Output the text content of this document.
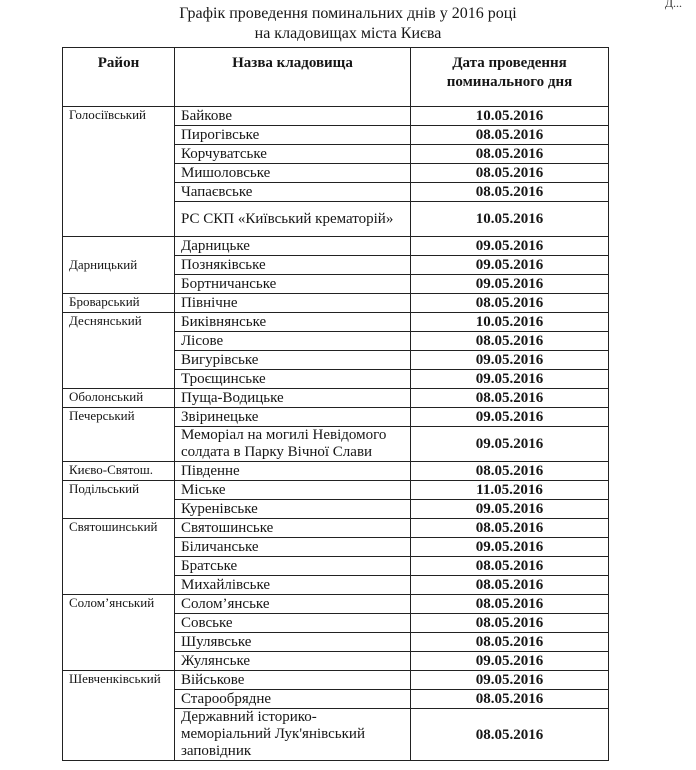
Д...
Графік проведення поминальних днів у 2016 році
на кладовищах міста Києва
Район	Назва кладовища	Дата проведення поминального дня
Голосіївський	Байкове	10.05.2016
	Пирогівське	08.05.2016
	Корчуватське	08.05.2016
	Мишоловське	08.05.2016
	Чапаєвське	08.05.2016
	РС СКП «Київський крематорій»	10.05.2016
Дарницький	Дарницьке	09.05.2016
	Позняківське	09.05.2016
	Бортничанське	09.05.2016
Броварський	Північне	08.05.2016
Деснянський	Биківнянське	10.05.2016
	Лісове	08.05.2016
	Вигурівське	09.05.2016
	Троєщинське	09.05.2016
Оболонський	Пуща-Водицьке	08.05.2016
Печерський	Звіринецьке	09.05.2016
	Меморіал на могилі Невідомого солдата в Парку Вічної Слави	09.05.2016
Києво-Святош.	Південне	08.05.2016
Подільський	Міське	11.05.2016
	Куренівське	09.05.2016
Святошинський	Святошинське	08.05.2016
	Біличанське	09.05.2016
	Братське	08.05.2016
	Михайлівське	08.05.2016
Солом’янський	Солом’янське	08.05.2016
	Совське	08.05.2016
	Шулявське	08.05.2016
	Жулянське	09.05.2016
Шевченківський	Військове	09.05.2016
	Старообрядне	08.05.2016
	Державний історико-меморіальний Лук'янівський заповідник	08.05.2016
